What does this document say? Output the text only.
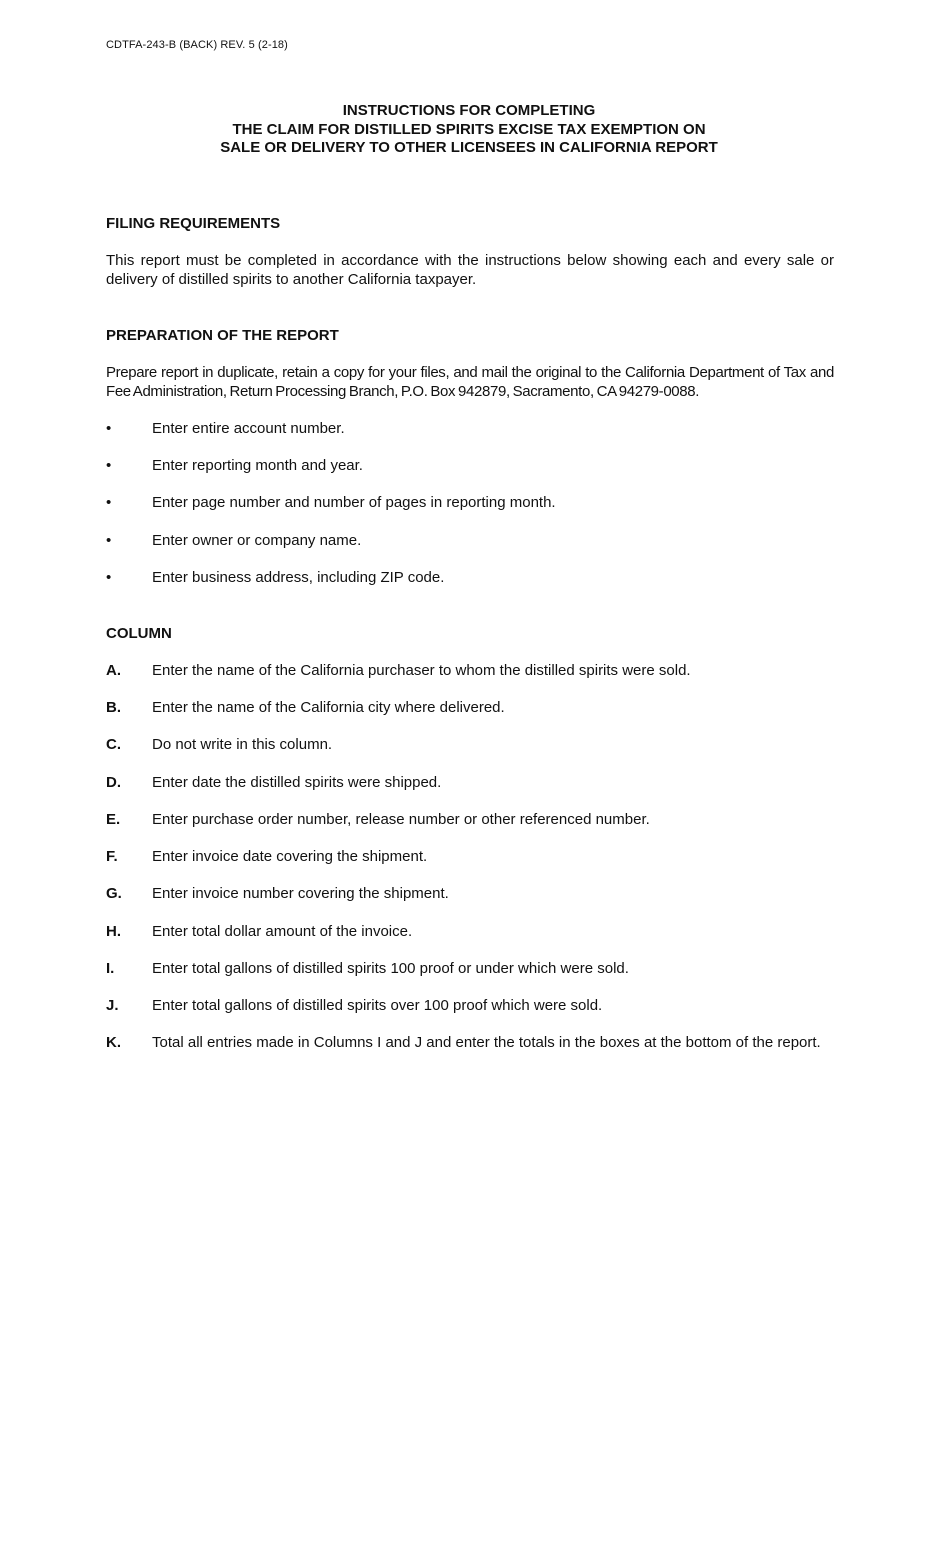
CDTFA-243-B (BACK) REV. 5 (2-18)
INSTRUCTIONS FOR COMPLETING
THE CLAIM FOR DISTILLED SPIRITS EXCISE TAX EXEMPTION ON
SALE OR DELIVERY TO OTHER LICENSEES IN CALIFORNIA REPORT
FILING REQUIREMENTS
This report must be completed in accordance with the instructions below showing each and every sale or delivery of distilled spirits to another California taxpayer.
PREPARATION OF THE REPORT
Prepare report in duplicate, retain a copy for your files, and mail the original to the California Department of Tax and Fee Administration, Return Processing Branch, P.O. Box 942879, Sacramento, CA 94279-0088.
•	Enter entire account number.
•	Enter reporting month and year.
•	Enter page number and number of pages in reporting month.
•	Enter owner or company name.
•	Enter business address, including ZIP code.
COLUMN
A.	Enter the name of the California purchaser to whom the distilled spirits were sold.
B.	Enter the name of the California city where delivered.
C.	Do not write in this column.
D.	Enter date the distilled spirits were shipped.
E.	Enter purchase order number, release number or other referenced number.
F.	Enter invoice date covering the shipment.
G.	Enter invoice number covering the shipment.
H.	Enter total dollar amount of the invoice.
I.	Enter total gallons of distilled spirits 100 proof or under which were sold.
J.	Enter total gallons of distilled spirits over 100 proof which were sold.
K.	Total all entries made in Columns I and J and enter the totals in the boxes at the bottom of the report.
